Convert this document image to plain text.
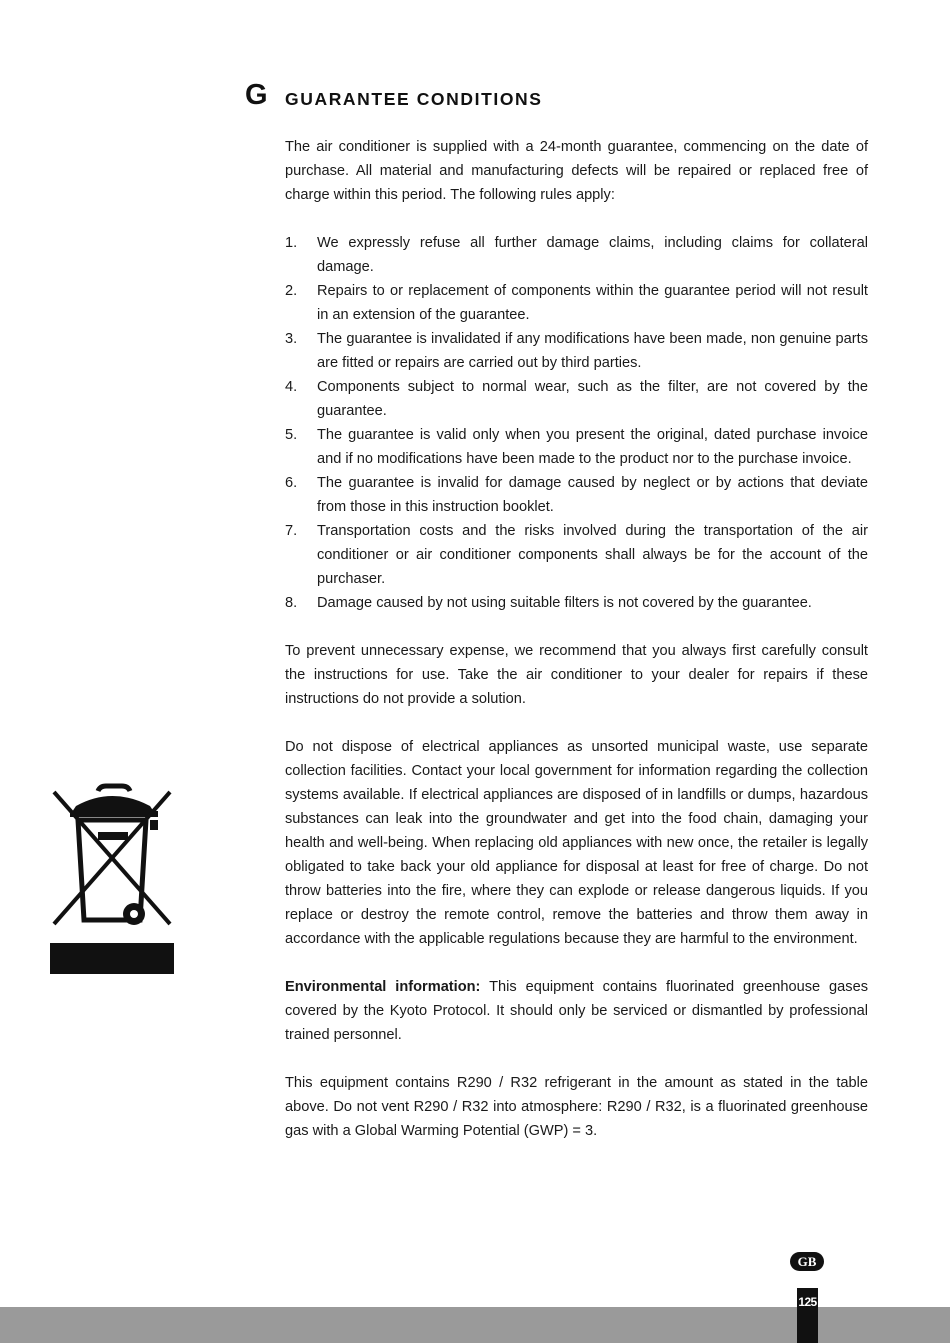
G GUARANTEE CONDITIONS

The air conditioner is supplied with a 24-month guarantee, commencing on the date of purchase. All material and manufacturing defects will be repaired or replaced free of charge within this period. The following rules apply:

1.	We expressly refuse all further damage claims, including claims for collateral damage.
2.	Repairs to or replacement of components within the guarantee period will not result in an extension of the guarantee.
3.	The guarantee is invalidated if any modifications have been made, non genuine parts are fitted or repairs are carried out by third parties.
4.	Components subject to normal wear, such as the filter, are not covered by the guarantee.
5.	The guarantee is valid only when you present the original, dated purchase invoice and if no modifications have been made to the product nor to the purchase invoice.
6.	The guarantee is invalid for damage caused by neglect or by actions that deviate from those in this instruction booklet.
7.	Transportation costs and the risks involved during the transportation of the air conditioner or air conditioner components shall always be for the account of the purchaser.
8.	Damage caused by not using suitable filters is not covered by the guarantee.

To prevent unnecessary expense, we recommend that you always first carefully consult the instructions for use. Take the air conditioner to your dealer for repairs if these instructions do not provide a solution.

Do not dispose of electrical appliances as unsorted municipal waste, use separate collection facilities. Contact your local government for information regarding the collection systems available. If electrical appliances are disposed of in landfills or dumps, hazardous substances can leak into the groundwater and get into the food chain, damaging your health and well-being. When replacing old appliances with new once, the retailer is legally obligated to take back your old appliance for disposal at least for free of charge. Do not throw batteries into the fire, where they can explode or release dangerous liquids. If you replace or destroy the remote control, remove the batteries and throw them away in accordance with the applicable regulations because they are harmful to the environment.

Environmental information: This equipment contains fluorinated greenhouse gases covered by the Kyoto Protocol. It should only be serviced or dismantled by professional trained personnel.

This equipment contains R290 / R32 refrigerant in the amount as stated in the table above. Do not vent R290 / R32 into atmosphere: R290 / R32, is a fluorinated greenhouse gas with a Global Warming Potential (GWP) = 3.

GB
125
